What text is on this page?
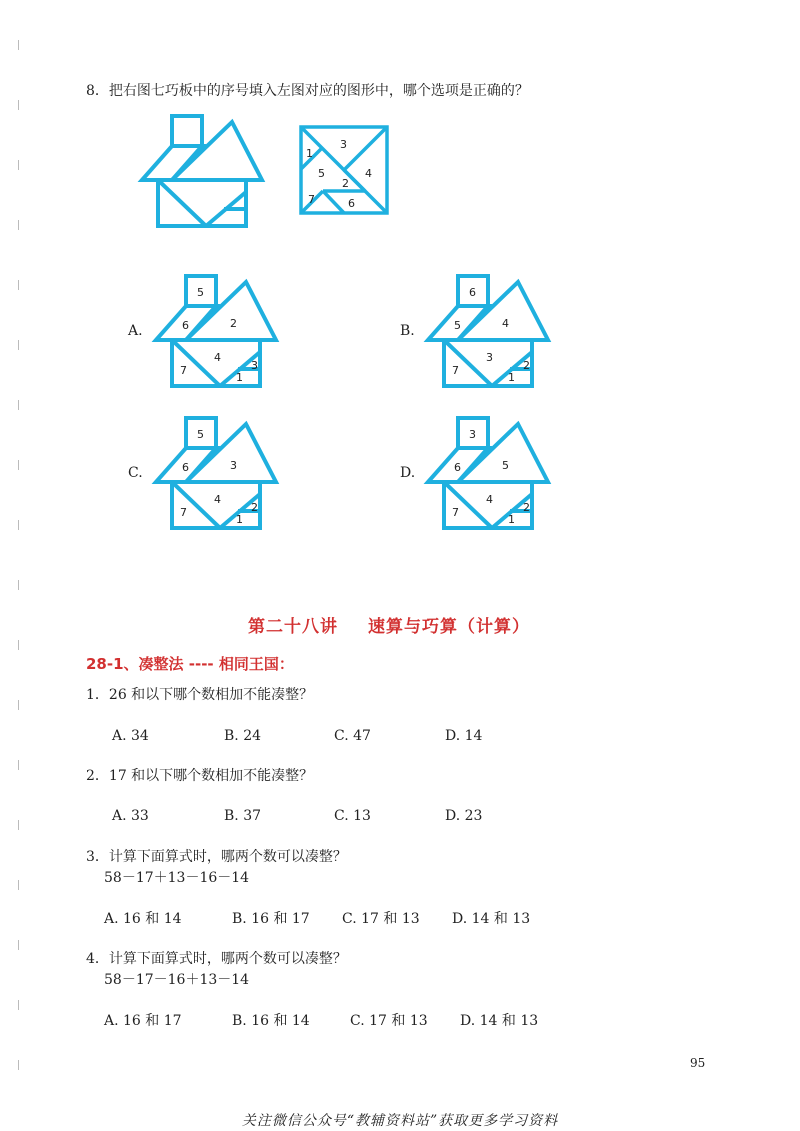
8．把右图七巧板中的序号填入左图对应的图形中，哪个选项是正确的？
1
3
5	4
2
7	6
A.
5
6	2
4
7
1
3
B.
6
5	4
3
7
1
2
C.
5
6	3
4
7
1
2
D.
3
6	5
4
7
1
2
第二十八讲 速算与巧算（计算）
28-1、凑整法 ---- 相同王国：
1．26 和以下哪个数相加不能凑整？
A. 34	B. 24	C. 47	D. 14
2．17 和以下哪个数相加不能凑整？
A. 33	B. 37	C. 13	D. 23
3．计算下面算式时，哪两个数可以凑整？
58－17＋13－16－14
A. 16 和 14	B. 16 和 17 C. 17 和 13 D. 14 和 13
4．计算下面算式时，哪两个数可以凑整？
58－17－16＋13－14
A. 16 和 17	B. 16 和 14	C. 17 和 13 D. 14 和 13
95
关注微信公众号“教辅资料站”获取更多学习资料
